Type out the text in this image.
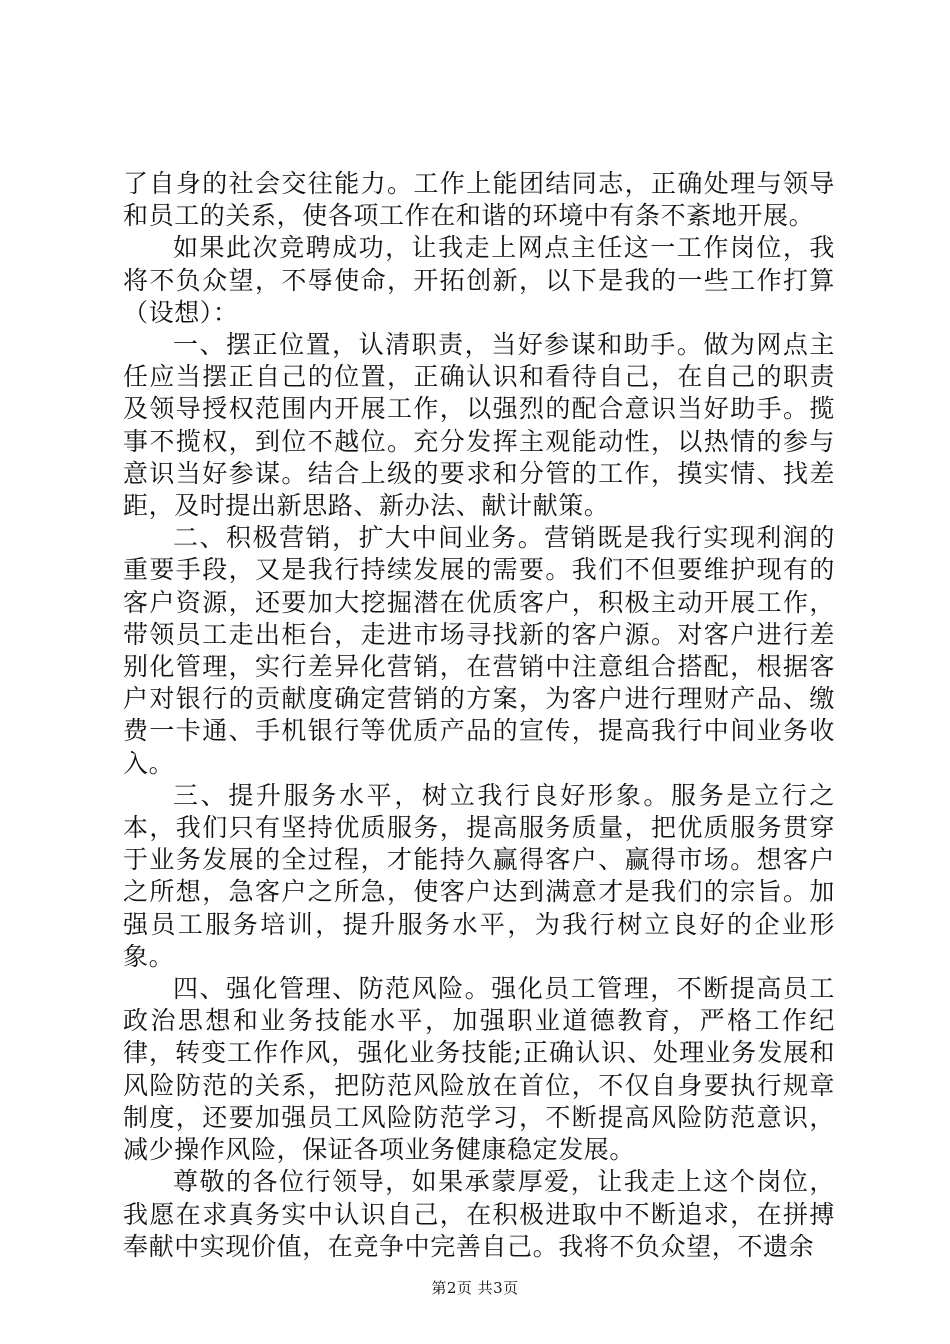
了自身的社会交往能力。工作上能团结同志，正确处理与领导和员工的关系，使各项工作在和谐的环境中有条不紊地开展。

如果此次竞聘成功，让我走上网点主任这一工作岗位，我将不负众望，不辱使命，开拓创新，以下是我的一些工作打算（设想）：

一、摆正位置，认清职责，当好参谋和助手。做为网点主任应当摆正自己的位置，正确认识和看待自己，在自己的职责及领导授权范围内开展工作，以强烈的配合意识当好助手。揽事不揽权，到位不越位。充分发挥主观能动性，以热情的参与意识当好参谋。结合上级的要求和分管的工作，摸实情、找差距，及时提出新思路、新办法、献计献策。

二、积极营销，扩大中间业务。营销既是我行实现利润的重要手段，又是我行持续发展的需要。我们不但要维护现有的客户资源，还要加大挖掘潜在优质客户，积极主动开展工作，带领员工走出柜台，走进市场寻找新的客户源。对客户进行差别化管理，实行差异化营销，在营销中注意组合搭配，根据客户对银行的贡献度确定营销的方案，为客户进行理财产品、缴费一卡通、手机银行等优质产品的宣传，提高我行中间业务收入。

三、提升服务水平，树立我行良好形象。服务是立行之本，我们只有坚持优质服务，提高服务质量，把优质服务贯穿于业务发展的全过程，才能持久赢得客户、赢得市场。想客户之所想，急客户之所急，使客户达到满意才是我们的宗旨。加强员工服务培训，提升服务水平，为我行树立良好的企业形象。

四、强化管理、防范风险。强化员工管理，不断提高员工政治思想和业务技能水平，加强职业道德教育，严格工作纪律，转变工作作风，强化业务技能;正确认识、处理业务发展和风险防范的关系，把防范风险放在首位，不仅自身要执行规章制度，还要加强员工风险防范学习，不断提高风险防范意识，减少操作风险，保证各项业务健康稳定发展。

尊敬的各位行领导，如果承蒙厚爱，让我走上这个岗位，我愿在求真务实中认识自己，在积极进取中不断追求，在拼搏奉献中实现价值，在竞争中完善自己。我将不负众望，不遗余

第2页 共3页
